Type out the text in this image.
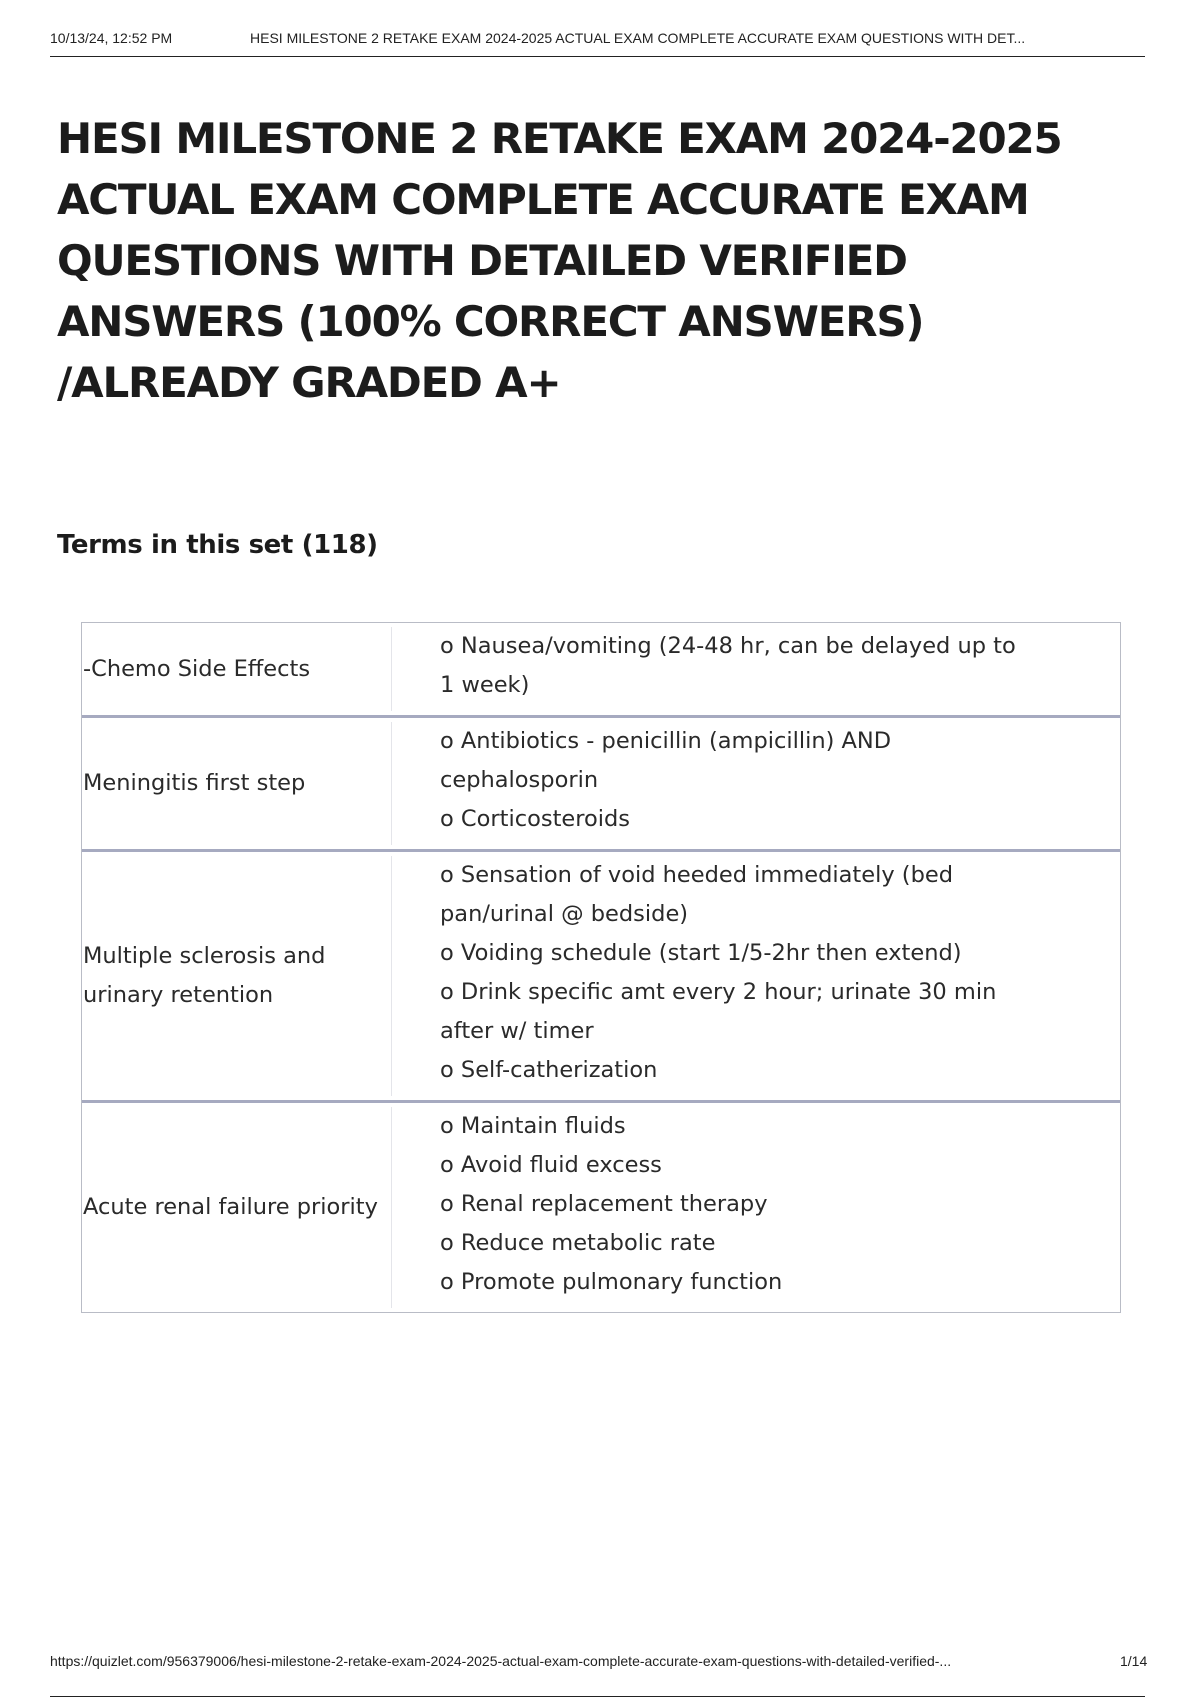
10/13/24, 12:52 PM	HESI MILESTONE 2 RETAKE EXAM 2024-2025 ACTUAL EXAM COMPLETE ACCURATE EXAM QUESTIONS WITH DET...
HESI MILESTONE 2 RETAKE EXAM 2024-2025 ACTUAL EXAM COMPLETE ACCURATE EXAM QUESTIONS WITH DETAILED VERIFIED ANSWERS (100% CORRECT ANSWERS) /ALREADY GRADED A+
Terms in this set (118)
-Chemo Side Effects
o Nausea/vomiting (24-48 hr, can be delayed up to 1 week)
Meningitis first step
o Antibiotics - penicillin (ampicillin) AND cephalosporin
o Corticosteroids
Multiple sclerosis and urinary retention
o Sensation of void heeded immediately (bed pan/urinal @ bedside)
o Voiding schedule (start 1/5-2hr then extend)
o Drink specific amt every 2 hour; urinate 30 min after w/ timer
o Self-catherization
Acute renal failure priority
o Maintain fluids
o Avoid fluid excess
o Renal replacement therapy
o Reduce metabolic rate
o Promote pulmonary function
https://quizlet.com/956379006/hesi-milestone-2-retake-exam-2024-2025-actual-exam-complete-accurate-exam-questions-with-detailed-verified-...	1/14
